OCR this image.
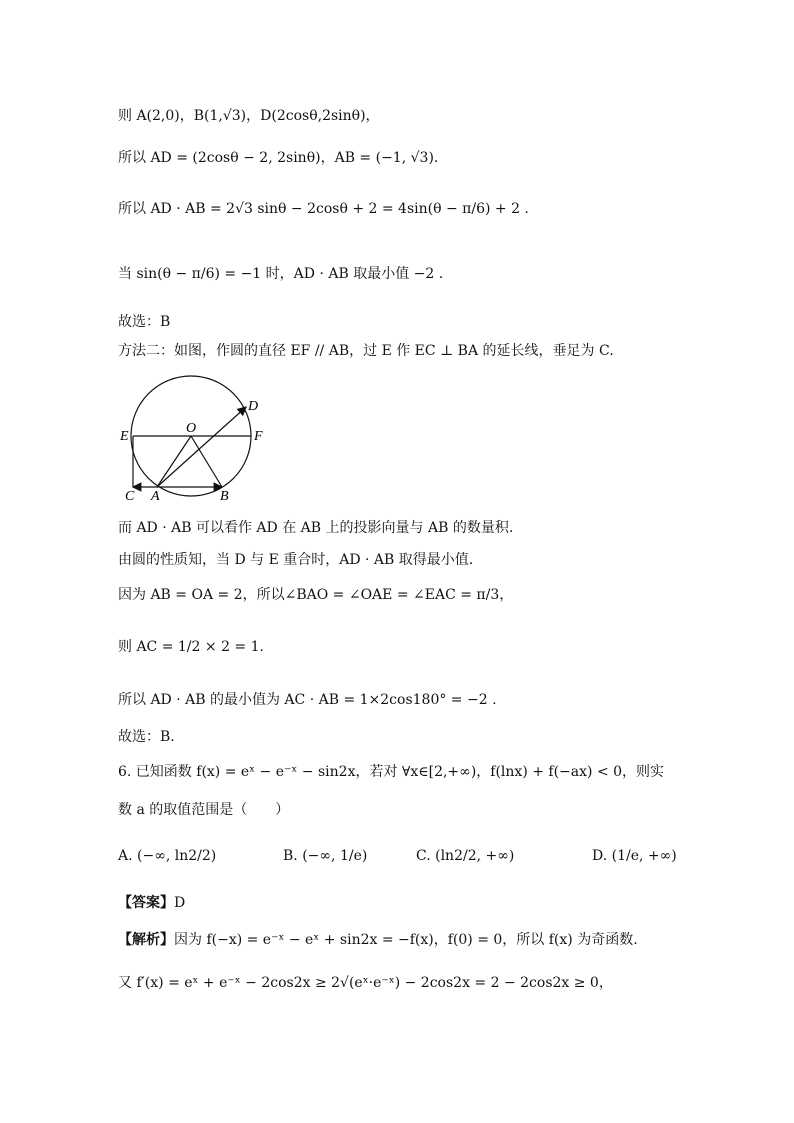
则 A(2,0)，B(1,√3)，D(2cosθ,2sinθ)，
所以 AD = (2cosθ − 2, 2sinθ)，AB = (−1, √3).
所以 AD · AB = 2√3 sinθ − 2cosθ + 2 = 4sin(θ − π/6) + 2 .
当 sin(θ − π/6) = −1 时，AD · AB 取最小值 −2 .
故选：B
方法二：如图，作圆的直径 EF // AB，过 E 作 EC ⊥ BA 的延长线，垂足为 C.
D
O
E	F
C A	B
而 AD · AB 可以看作 AD 在 AB 上的投影向量与 AB 的数量积.
由圆的性质知，当 D 与 E 重合时，AD · AB 取得最小值.
因为 AB = OA = 2，所以∠BAO = ∠OAE = ∠EAC = π/3，
则 AC = 1/2 × 2 = 1.
所以 AD · AB 的最小值为 AC · AB = 1×2cos180° = −2 .
故选：B.
6. 已知函数 f(x) = eˣ − e⁻ˣ − sin2x，若对 ∀x∈[2,+∞)，f(lnx) + f(−ax) < 0，则实
数 a 的取值范围是（　　）
A. (−∞, ln2/2)	B. (−∞, 1/e)	C. (ln2/2, +∞)	D. (1/e, +∞)
【答案】D
【解析】因为 f(−x) = e⁻ˣ − eˣ + sin2x = −f(x)，f(0) = 0，所以 f(x) 为奇函数.
又 f′(x) = eˣ + e⁻ˣ − 2cos2x ≥ 2√(eˣ·e⁻ˣ) − 2cos2x = 2 − 2cos2x ≥ 0，
